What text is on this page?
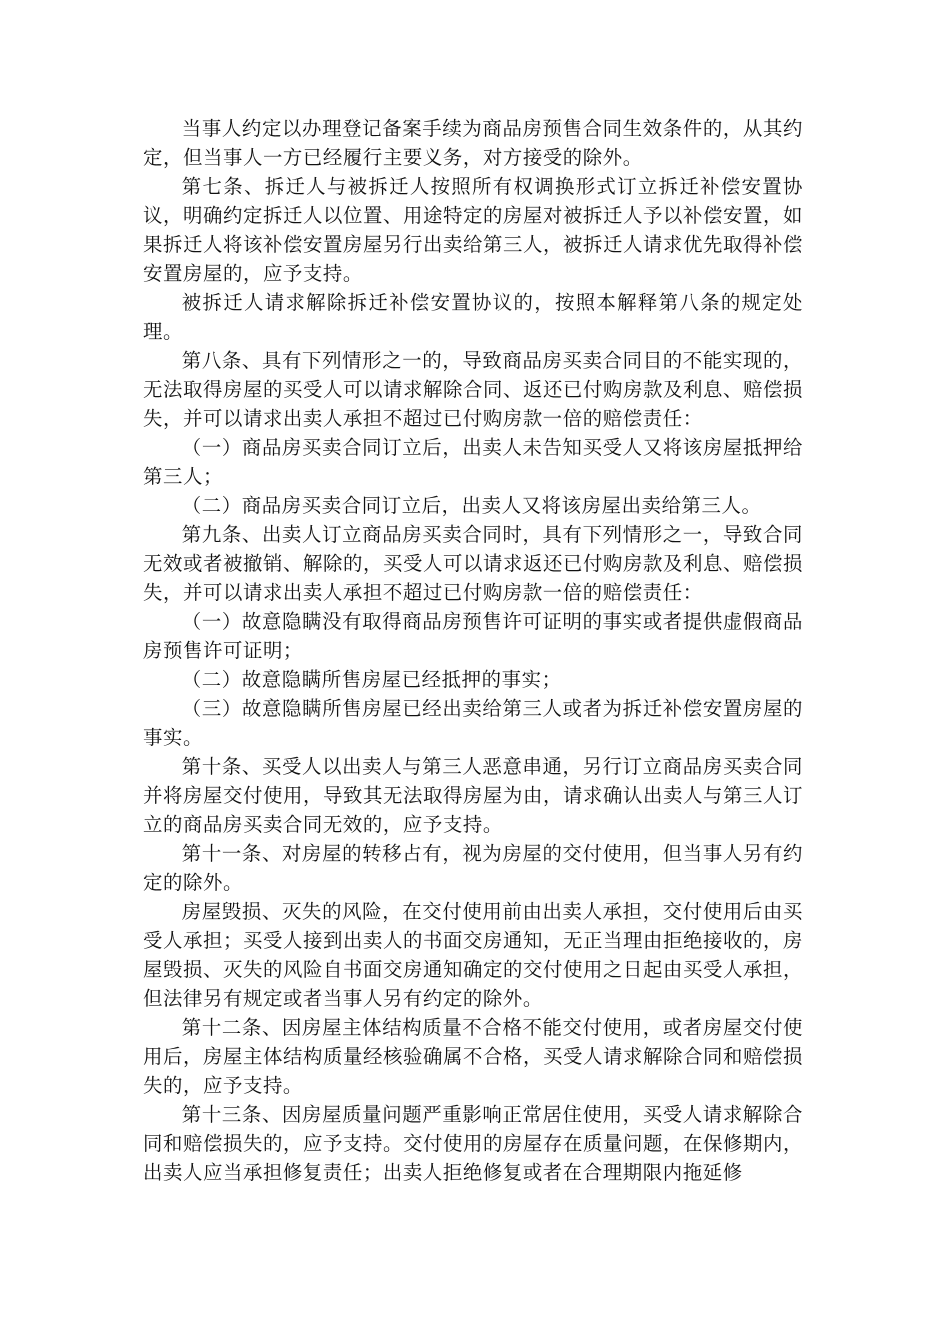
当事人约定以办理登记备案手续为商品房预售合同生效条件的，从其约定，但当事人一方已经履行主要义务，对方接受的除外。

第七条、拆迁人与被拆迁人按照所有权调换形式订立拆迁补偿安置协议，明确约定拆迁人以位置、用途特定的房屋对被拆迁人予以补偿安置，如果拆迁人将该补偿安置房屋另行出卖给第三人，被拆迁人请求优先取得补偿安置房屋的，应予支持。

被拆迁人请求解除拆迁补偿安置协议的，按照本解释第八条的规定处理。

第八条、具有下列情形之一的，导致商品房买卖合同目的不能实现的，无法取得房屋的买受人可以请求解除合同、返还已付购房款及利息、赔偿损失，并可以请求出卖人承担不超过已付购房款一倍的赔偿责任：

（一）商品房买卖合同订立后，出卖人未告知买受人又将该房屋抵押给第三人；

（二）商品房买卖合同订立后，出卖人又将该房屋出卖给第三人。

第九条、出卖人订立商品房买卖合同时，具有下列情形之一，导致合同无效或者被撤销、解除的，买受人可以请求返还已付购房款及利息、赔偿损失，并可以请求出卖人承担不超过已付购房款一倍的赔偿责任：

（一）故意隐瞒没有取得商品房预售许可证明的事实或者提供虚假商品房预售许可证明；

（二）故意隐瞒所售房屋已经抵押的事实；

（三）故意隐瞒所售房屋已经出卖给第三人或者为拆迁补偿安置房屋的事实。

第十条、买受人以出卖人与第三人恶意串通，另行订立商品房买卖合同并将房屋交付使用，导致其无法取得房屋为由，请求确认出卖人与第三人订立的商品房买卖合同无效的，应予支持。

第十一条、对房屋的转移占有，视为房屋的交付使用，但当事人另有约定的除外。

房屋毁损、灭失的风险，在交付使用前由出卖人承担，交付使用后由买受人承担；买受人接到出卖人的书面交房通知，无正当理由拒绝接收的，房屋毁损、灭失的风险自书面交房通知确定的交付使用之日起由买受人承担，但法律另有规定或者当事人另有约定的除外。

第十二条、因房屋主体结构质量不合格不能交付使用，或者房屋交付使用后，房屋主体结构质量经核验确属不合格，买受人请求解除合同和赔偿损失的，应予支持。

第十三条、因房屋质量问题严重影响正常居住使用，买受人请求解除合同和赔偿损失的，应予支持。交付使用的房屋存在质量问题，在保修期内，出卖人应当承担修复责任；出卖人拒绝修复或者在合理期限内拖延修
